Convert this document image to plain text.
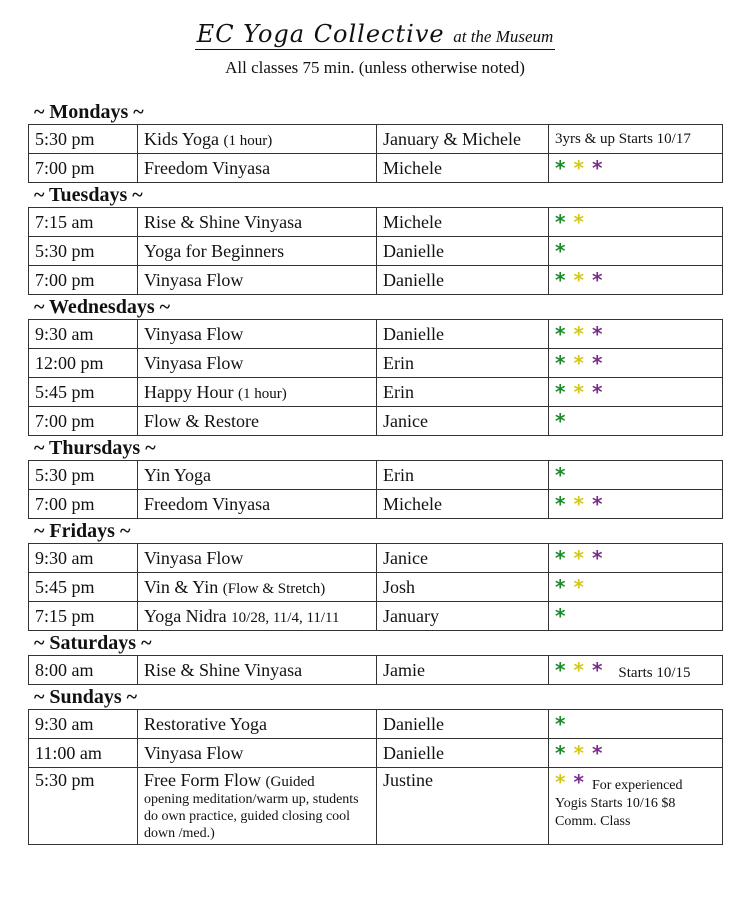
EC Yoga Collective at the Museum
All classes 75 min. (unless otherwise noted)
~ Mondays ~
5:30 pm	Kids Yoga (1 hour)	January & Michele	3yrs & up Starts 10/17
7:00 pm	Freedom Vinyasa	Michele	* * *
~ Tuesdays ~
7:15 am	Rise & Shine Vinyasa	Michele	* *
5:30 pm	Yoga for Beginners	Danielle	*
7:00 pm	Vinyasa Flow	Danielle	* * *
~ Wednesdays ~
9:30 am	Vinyasa Flow	Danielle	* * *
12:00 pm	Vinyasa Flow	Erin	* * *
5:45 pm	Happy Hour (1 hour)	Erin	* * *
7:00 pm	Flow & Restore	Janice	*
~ Thursdays ~
5:30 pm	Yin Yoga	Erin	*
7:00 pm	Freedom Vinyasa	Michele	* * *
~ Fridays ~
9:30 am	Vinyasa Flow	Janice	* * *
5:45 pm	Vin & Yin (Flow & Stretch)	Josh	* *
7:15 pm	Yoga Nidra 10/28, 11/4, 11/11	January	*
~ Saturdays ~
8:00 am	Rise & Shine Vinyasa	Jamie	* * * Starts 10/15
~ Sundays ~
9:30 am	Restorative Yoga	Danielle	*
11:00 am	Vinyasa Flow	Danielle	* * *
5:30 pm	Free Form Flow (Guided
opening meditation/warm up, students do own practice, guided closing cool down /med.)	Justine	* * For experienced Yogis Starts 10/16 $8 Comm. Class
